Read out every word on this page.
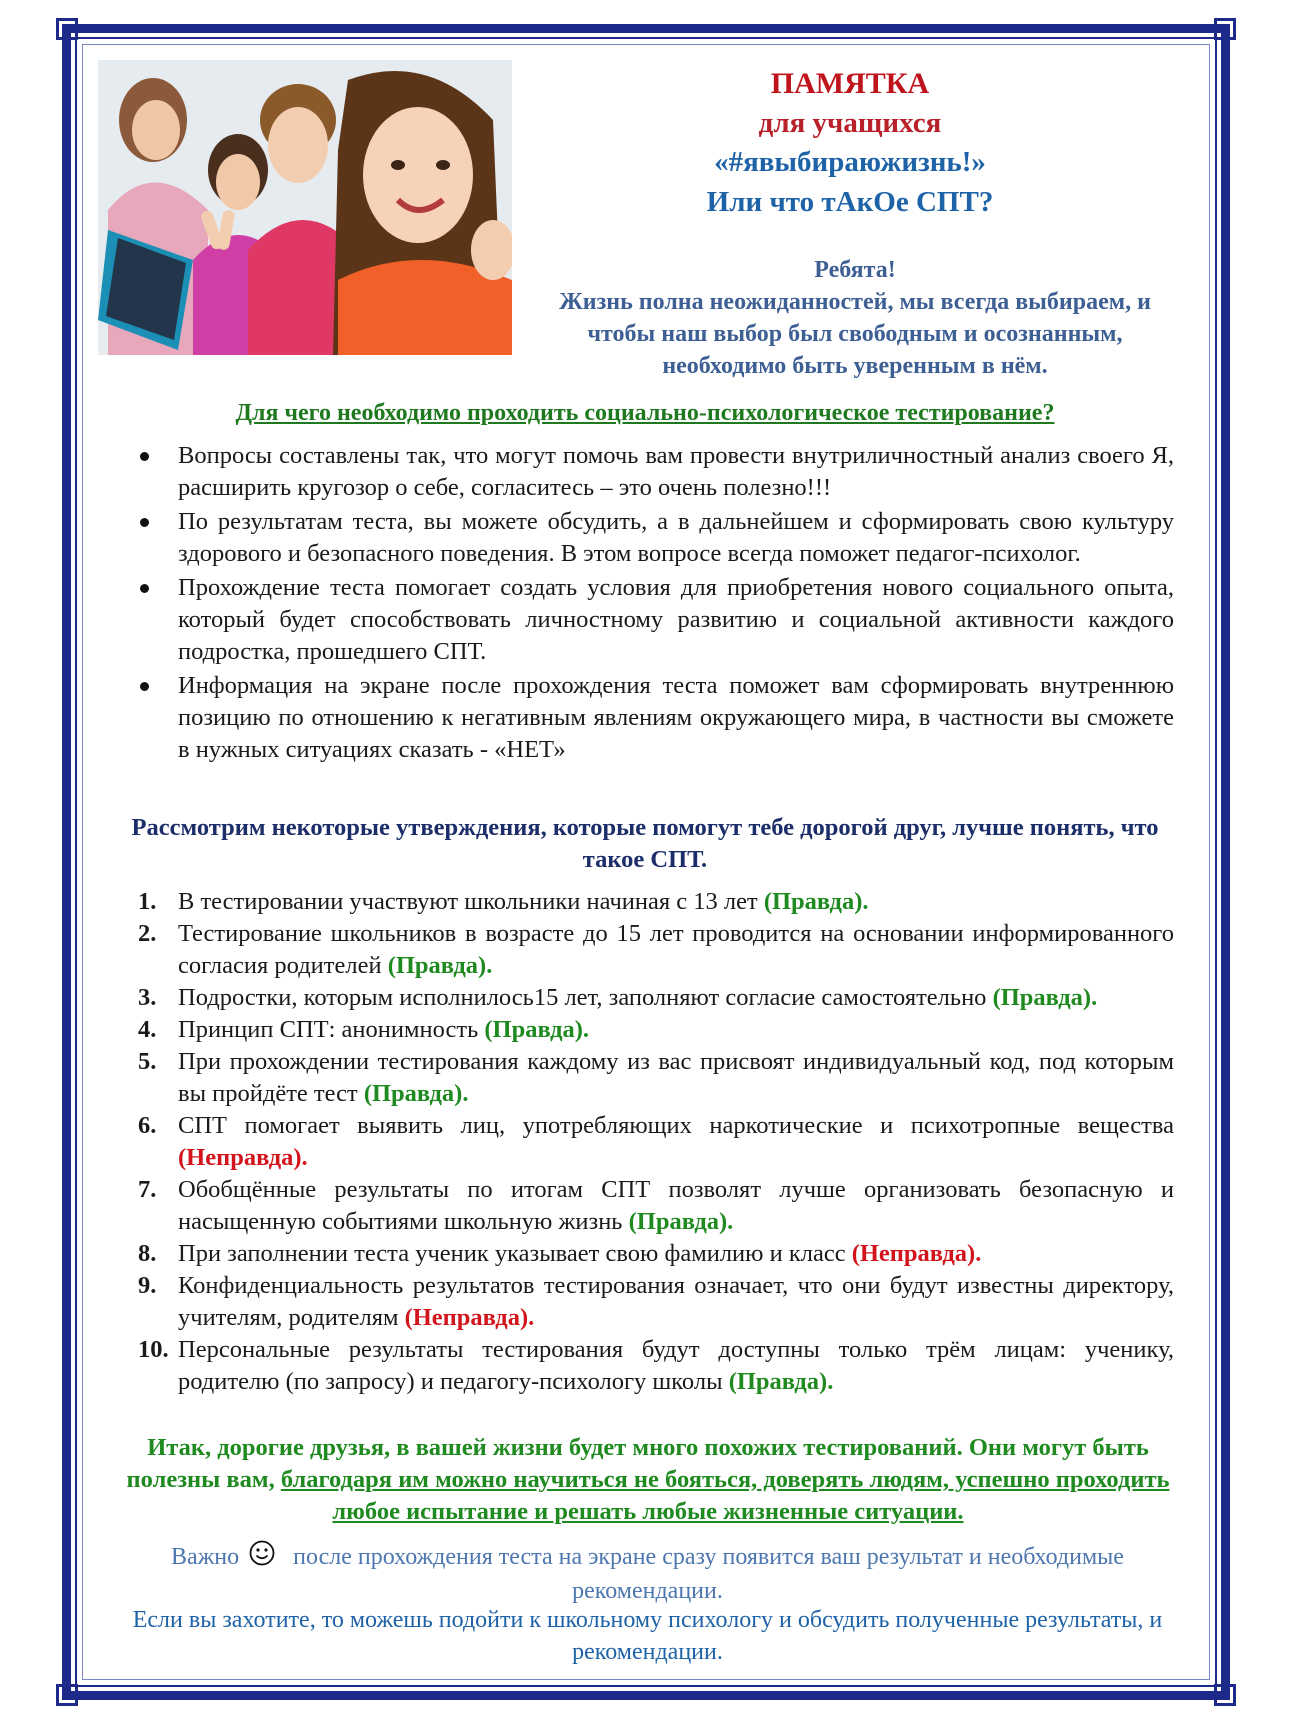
ПАМЯТКА
для учащихся
«#явыбираюжизнь!»
Или что тАкОе СПТ?
Ребята!
Жизнь полна неожиданностей, мы всегда выбираем, и чтобы наш выбор был свободным и осознанным, необходимо быть уверенным в нём.
Для чего необходимо проходить социально-психологическое тестирование?
Вопросы составлены так, что могут помочь вам провести внутриличностный анализ своего Я, расширить кругозор о себе, согласитесь – это очень полезно!!!
По результатам теста, вы можете обсудить, а в дальнейшем и сформировать свою культуру здорового и безопасного поведения. В этом вопросе всегда поможет педагог-психолог.
Прохождение теста помогает создать условия для приобретения нового социального опыта, который будет способствовать личностному развитию и социальной активности каждого подростка, прошедшего СПТ.
Информация на экране после прохождения теста поможет вам сформировать внутреннюю позицию по отношению к негативным явлениям окружающего мира, в частности вы сможете в нужных ситуациях сказать - «НЕТ»
Рассмотрим некоторые утверждения, которые помогут тебе дорогой друг, лучше понять, что такое СПТ.
1. В тестировании участвуют школьники начиная с 13 лет (Правда).
2. Тестирование школьников в возрасте до 15 лет проводится на основании информированного согласия родителей (Правда).
3. Подростки, которым исполнилось15 лет, заполняют согласие самостоятельно (Правда).
4. Принцип СПТ: анонимность (Правда).
5. При прохождении тестирования каждому из вас присвоят индивидуальный код, под которым вы пройдёте тест (Правда).
6. СПТ помогает выявить лиц, употребляющих наркотические и психотропные вещества (Неправда).
7. Обобщённые результаты по итогам СПТ позволят лучше организовать безопасную и насыщенную событиями школьную жизнь (Правда).
8. При заполнении теста ученик указывает свою фамилию и класс (Неправда).
9. Конфиденциальность результатов тестирования означает, что они будут известны директору, учителям, родителям (Неправда).
10. Персональные результаты тестирования будут доступны только трём лицам: ученику, родителю (по запросу) и педагогу-психологу школы (Правда).
Итак, дорогие друзья, в вашей жизни будет много похожих тестирований. Они могут быть полезны вам, благодаря им можно научиться не бояться, доверять людям, успешно проходить любое испытание и решать любые жизненные ситуации.
Важно после прохождения теста на экране сразу появится ваш результат и необходимые рекомендации.
Если вы захотите, то можешь подойти к школьному психологу и обсудить полученные результаты, и рекомендации.
